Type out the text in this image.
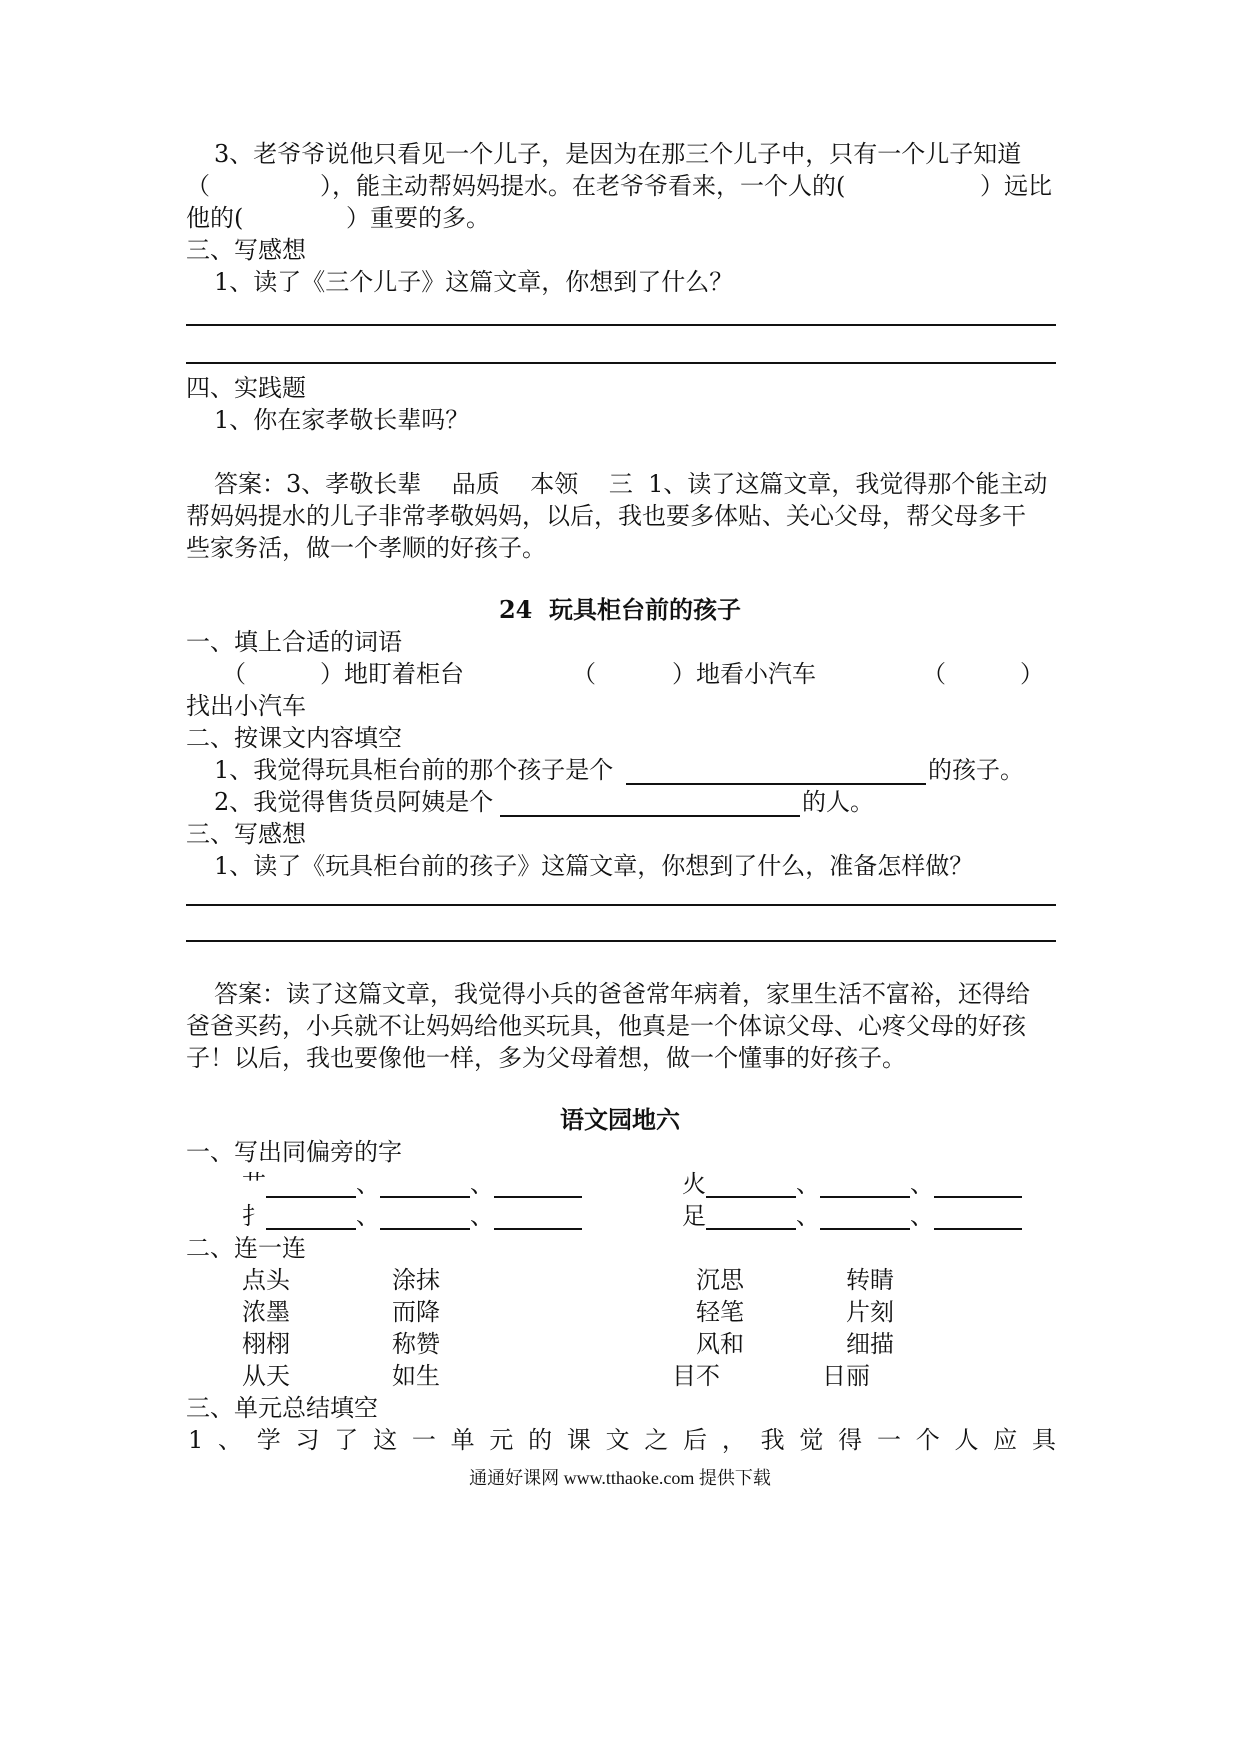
3、老爷爷说他只看见一个儿子，是因为在那三个儿子中，只有一个儿子知道
（	），能主动帮妈妈提水。在老爷爷看来，一个人的(	）远比
他的(	）重要的多。
三、写感想
1、读了《三个儿子》这篇文章，你想到了什么？
四、实践题
1、你在家孝敬长辈吗？
答案：3、孝敬长辈    品质    本领    三  1、读了这篇文章，我觉得那个能主动
帮妈妈提水的儿子非常孝敬妈妈，以后，我也要多体贴、关心父母，帮父母多干
些家务活，做一个孝顺的好孩子。
24  玩具柜台前的孩子
一、填上合适的词语
（	）地盯着柜台	（	）地看小汽车	（	）
找出小汽车
二、按课文内容填空
1、我觉得玩具柜台前的那个孩子是个	的孩子。
2、我觉得售货员阿姨是个	的人。
三、写感想
1、读了《玩具柜台前的孩子》这篇文章，你想到了什么，准备怎样做？
答案：读了这篇文章，我觉得小兵的爸爸常年病着，家里生活不富裕，还得给
爸爸买药，小兵就不让妈妈给他买玩具，他真是一个体谅父母、心疼父母的好孩
子！以后，我也要像他一样，多为父母着想，做一个懂事的好孩子。
语文园地六
一、写出同偏旁的字
艹	、	、	火	、	、
扌	、	、	足	、	、
二、连一连
点头	涂抹	沉思	转睛
浓墨	而降	轻笔	片刻
栩栩	称赞	风和	细描
从天	如生	目不	日丽
三、单元总结填空
1、学习了这一单元的课文之后，我觉得一个人应具
通通好课网 www.tthaoke.com 提供下载
